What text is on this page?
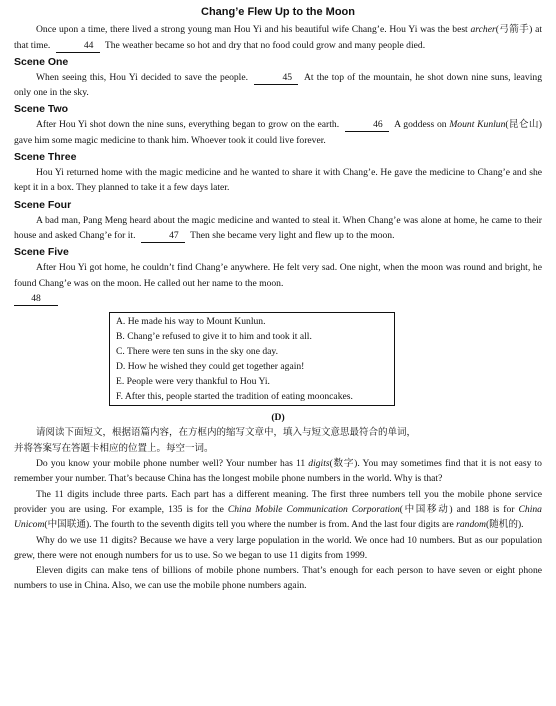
Chang’e Flew Up to the Moon

Once upon a time, there lived a strong young man Hou Yi and his beautiful wife Chang’e. Hou Yi was the best archer(弓箭手) at that time.	44 The weather became so hot and dry that no food could grow and many people died.

Scene One

When seeing this, Hou Yi decided to save the people.	45 At the top of the mountain, he shot down nine suns, leaving only one in the sky.

Scene Two

After Hou Yi shot down the nine suns, everything began to grow on the earth.	46 A goddess on Mount Kunlun(昆仑山) gave him some magic medicine to thank him. Whoever took it could live forever.

Scene Three

Hou Yi returned home with the magic medicine and he wanted to share it with Chang’e. He gave the medicine to Chang’e and she kept it in a box. They planned to take it a few days later.

Scene Four

A bad man, Pang Meng heard about the magic medicine and wanted to steal it. When Chang’e was alone at home, he came to their house and asked Chang’e for it.	47 Then she became very light and flew up to the moon.

Scene Five

After Hou Yi got home, he couldn’t find Chang’e anywhere. He felt very sad. One night, when the moon was round and bright, he found Chang’e was on the moon. He called out her name to the moon.

48

A. He made his way to Mount Kunlun.

B. Chang’e refused to give it to him and took it all.

C. There were ten suns in the sky one day.

D. How he wished they could get together again!

E. People were very thankful to Hou Yi.

F. After this, people started the tradition of eating mooncakes.

(D)

请阅读下面短文，根据语篇内容，在方框内的缩写文章中，填入与短文意思最符合的单词，

并将答案写在答题卡相应的位置上。每空一词。

Do you know your mobile phone number well? Your number has 11 digits(数字). You may sometimes find that it is not easy to remember your number. That’s because China has the longest mobile phone numbers in the world. Why is that?

The 11 digits include three parts. Each part has a different meaning. The first three numbers tell you the mobile phone service provider you are using. For example, 135 is for the China Mobile Communication Corporation(中国移动) and 188 is for China Unicom(中国联通). The fourth to the seventh digits tell you where the number is from. And the last four digits are random(随机的).

Why do we use 11 digits? Because we have a very large population in the world. We once had 10 numbers. But as our population grew, there were not enough numbers for us to use. So we began to use 11 digits from 1999.

Eleven digits can make tens of billions of mobile phone numbers. That’s enough for each person to have seven or eight phone numbers to use in China. Also, we can use the mobile phone numbers again.
